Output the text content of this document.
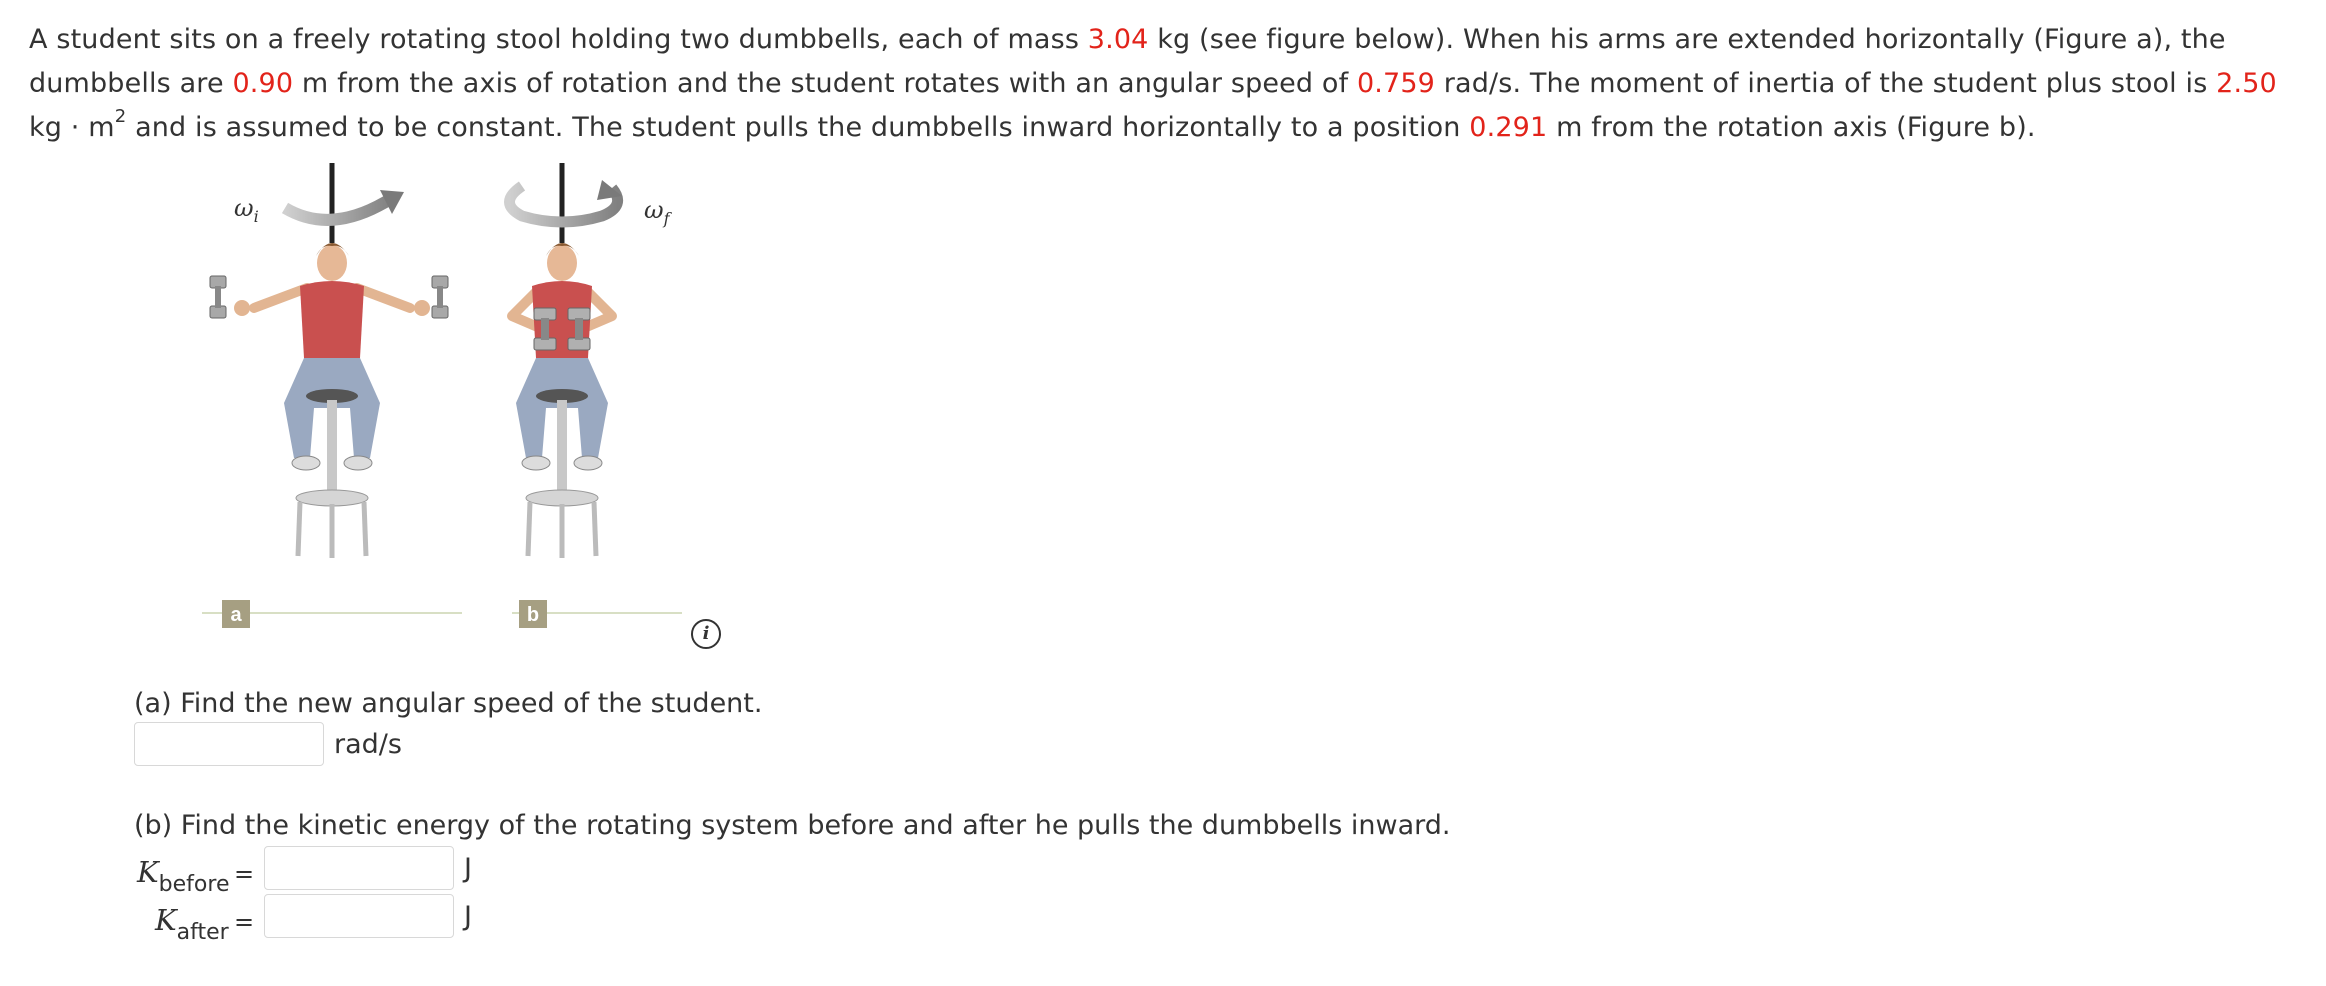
A student sits on a freely rotating stool holding two dumbbells, each of mass 3.04 kg (see figure below). When his arms are extended horizontally (Figure a), the dumbbells are 0.90 m from the axis of rotation and the student rotates with an angular speed of 0.759 rad/s. The moment of inertia of the student plus stool is 2.50 kg · $m^2$ and is assumed to be constant. The student pulls the dumbbells inward horizontally to a position 0.291 m from the rotation axis (Figure b).
$\omega_i$
a
$\omega_f$
b
i
(a) Find the new angular speed of the student.
rad/s
(b) Find the kinetic energy of the rotating system before and after he pulls the dumbbells inward.
$K_{before}$ =	J
$K_{after}$ =	J
